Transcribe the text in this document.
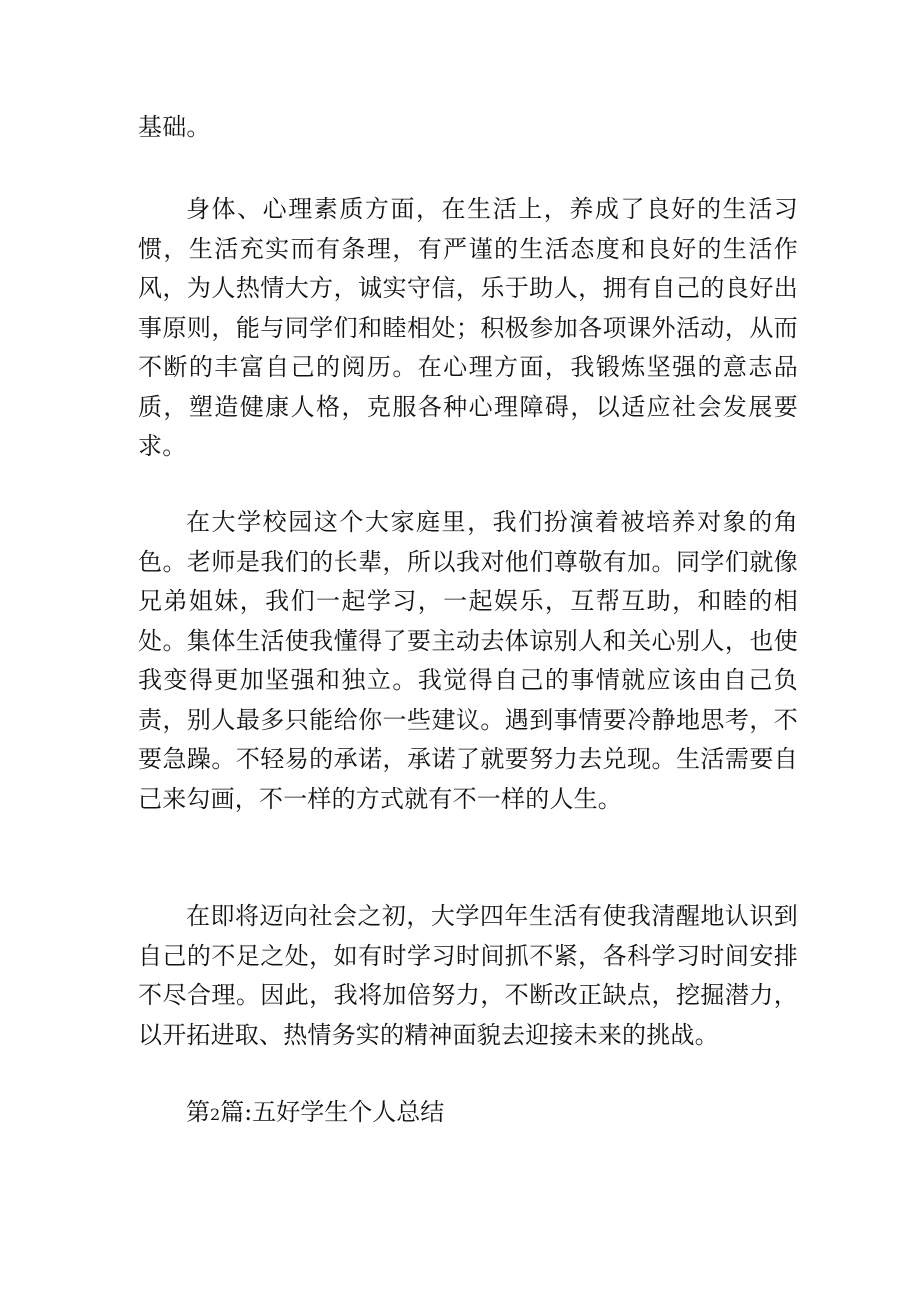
基础。

身体、心理素质方面，在生活上，养成了良好的生活习惯，生活充实而有条理，有严谨的生活态度和良好的生活作风，为人热情大方，诚实守信，乐于助人，拥有自己的良好出事原则，能与同学们和睦相处；积极参加各项课外活动，从而不断的丰富自己的阅历。在心理方面，我锻炼坚强的意志品质，塑造健康人格，克服各种心理障碍，以适应社会发展要求。

在大学校园这个大家庭里，我们扮演着被培养对象的角色。老师是我们的长辈，所以我对他们尊敬有加。同学们就像兄弟姐妹，我们一起学习，一起娱乐，互帮互助，和睦的相处。集体生活使我懂得了要主动去体谅别人和关心别人，也使我变得更加坚强和独立。我觉得自己的事情就应该由自己负责，别人最多只能给你一些建议。遇到事情要冷静地思考，不要急躁。不轻易的承诺，承诺了就要努力去兑现。生活需要自己来勾画，不一样的方式就有不一样的人生。

在即将迈向社会之初，大学四年生活有使我清醒地认识到自己的不足之处，如有时学习时间抓不紧，各科学习时间安排不尽合理。因此，我将加倍努力，不断改正缺点，挖掘潜力，以开拓进取、热情务实的精神面貌去迎接未来的挑战。

第2篇:五好学生个人总结
